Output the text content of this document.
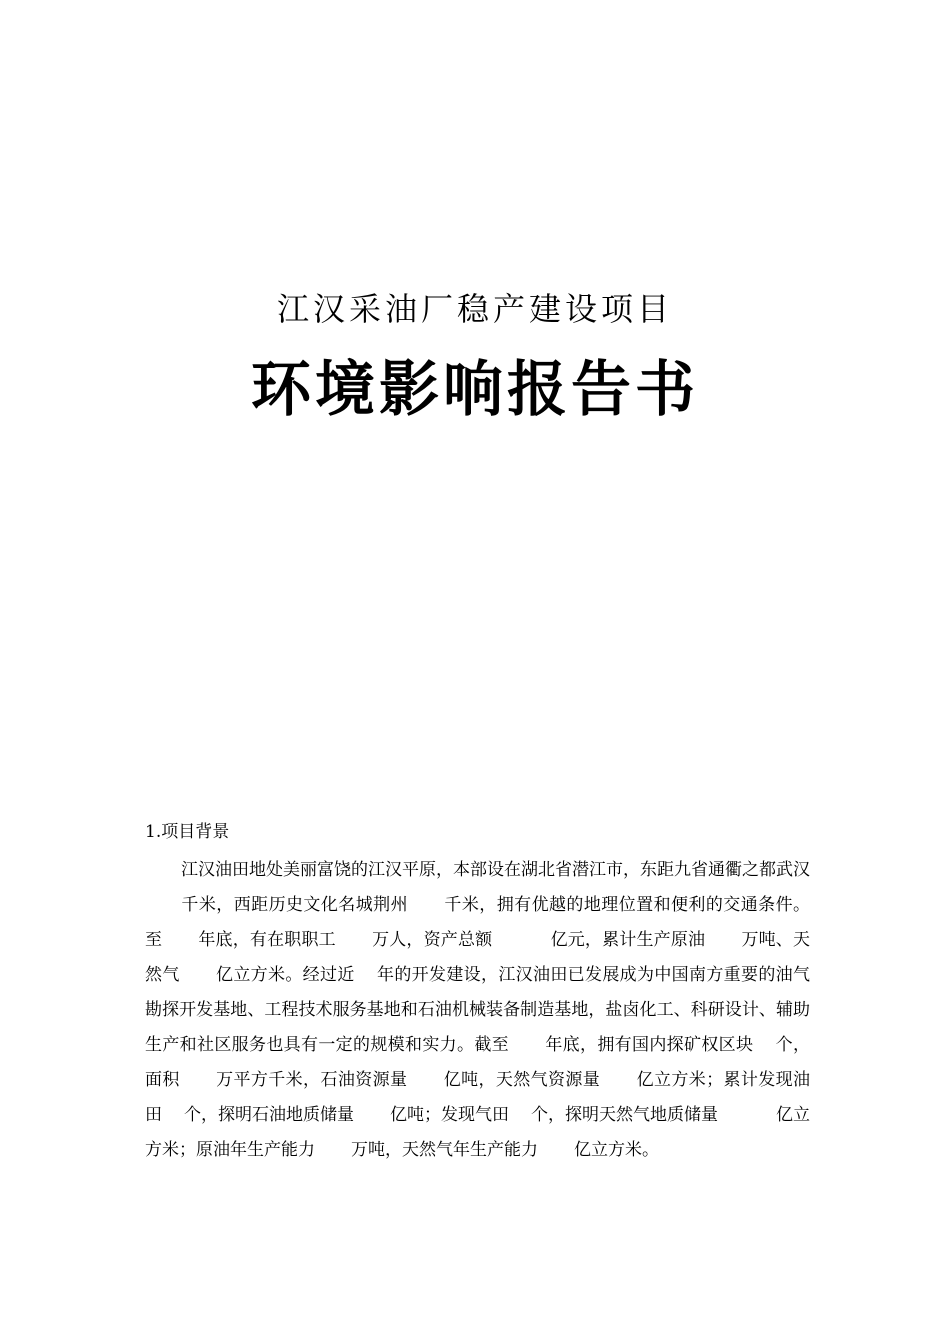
江汉采油厂稳产建设项目
环境影响报告书
1.项目背景

江汉油田地处美丽富饶的江汉平原，本部设在湖北省潜江市，东距九省通衢之都武汉千米，西距历史文化名城荆州 千米，拥有优越的地理位置和便利的交通条件。至 年底，有在职职工 万人，资产总额	亿元，累计生产原油 万吨、天然气 亿立方米。经过近 年的开发建设，江汉油田已发展成为中国南方重要的油气勘探开发基地、工程技术服务基地和石油机械装备制造基地，盐卤化工、科研设计、辅助生产和社区服务也具有一定的规模和实力。截至 年底，拥有国内探矿权区块 个，面积 万平方千米，石油资源量 亿吨，天然气资源量 亿立方米；累计发现油田 个，探明石油地质储量 亿吨；发现气田 个，探明天然气地质储量	亿立方米；原油年生产能力 万吨，天然气年生产能力 亿立方米。
